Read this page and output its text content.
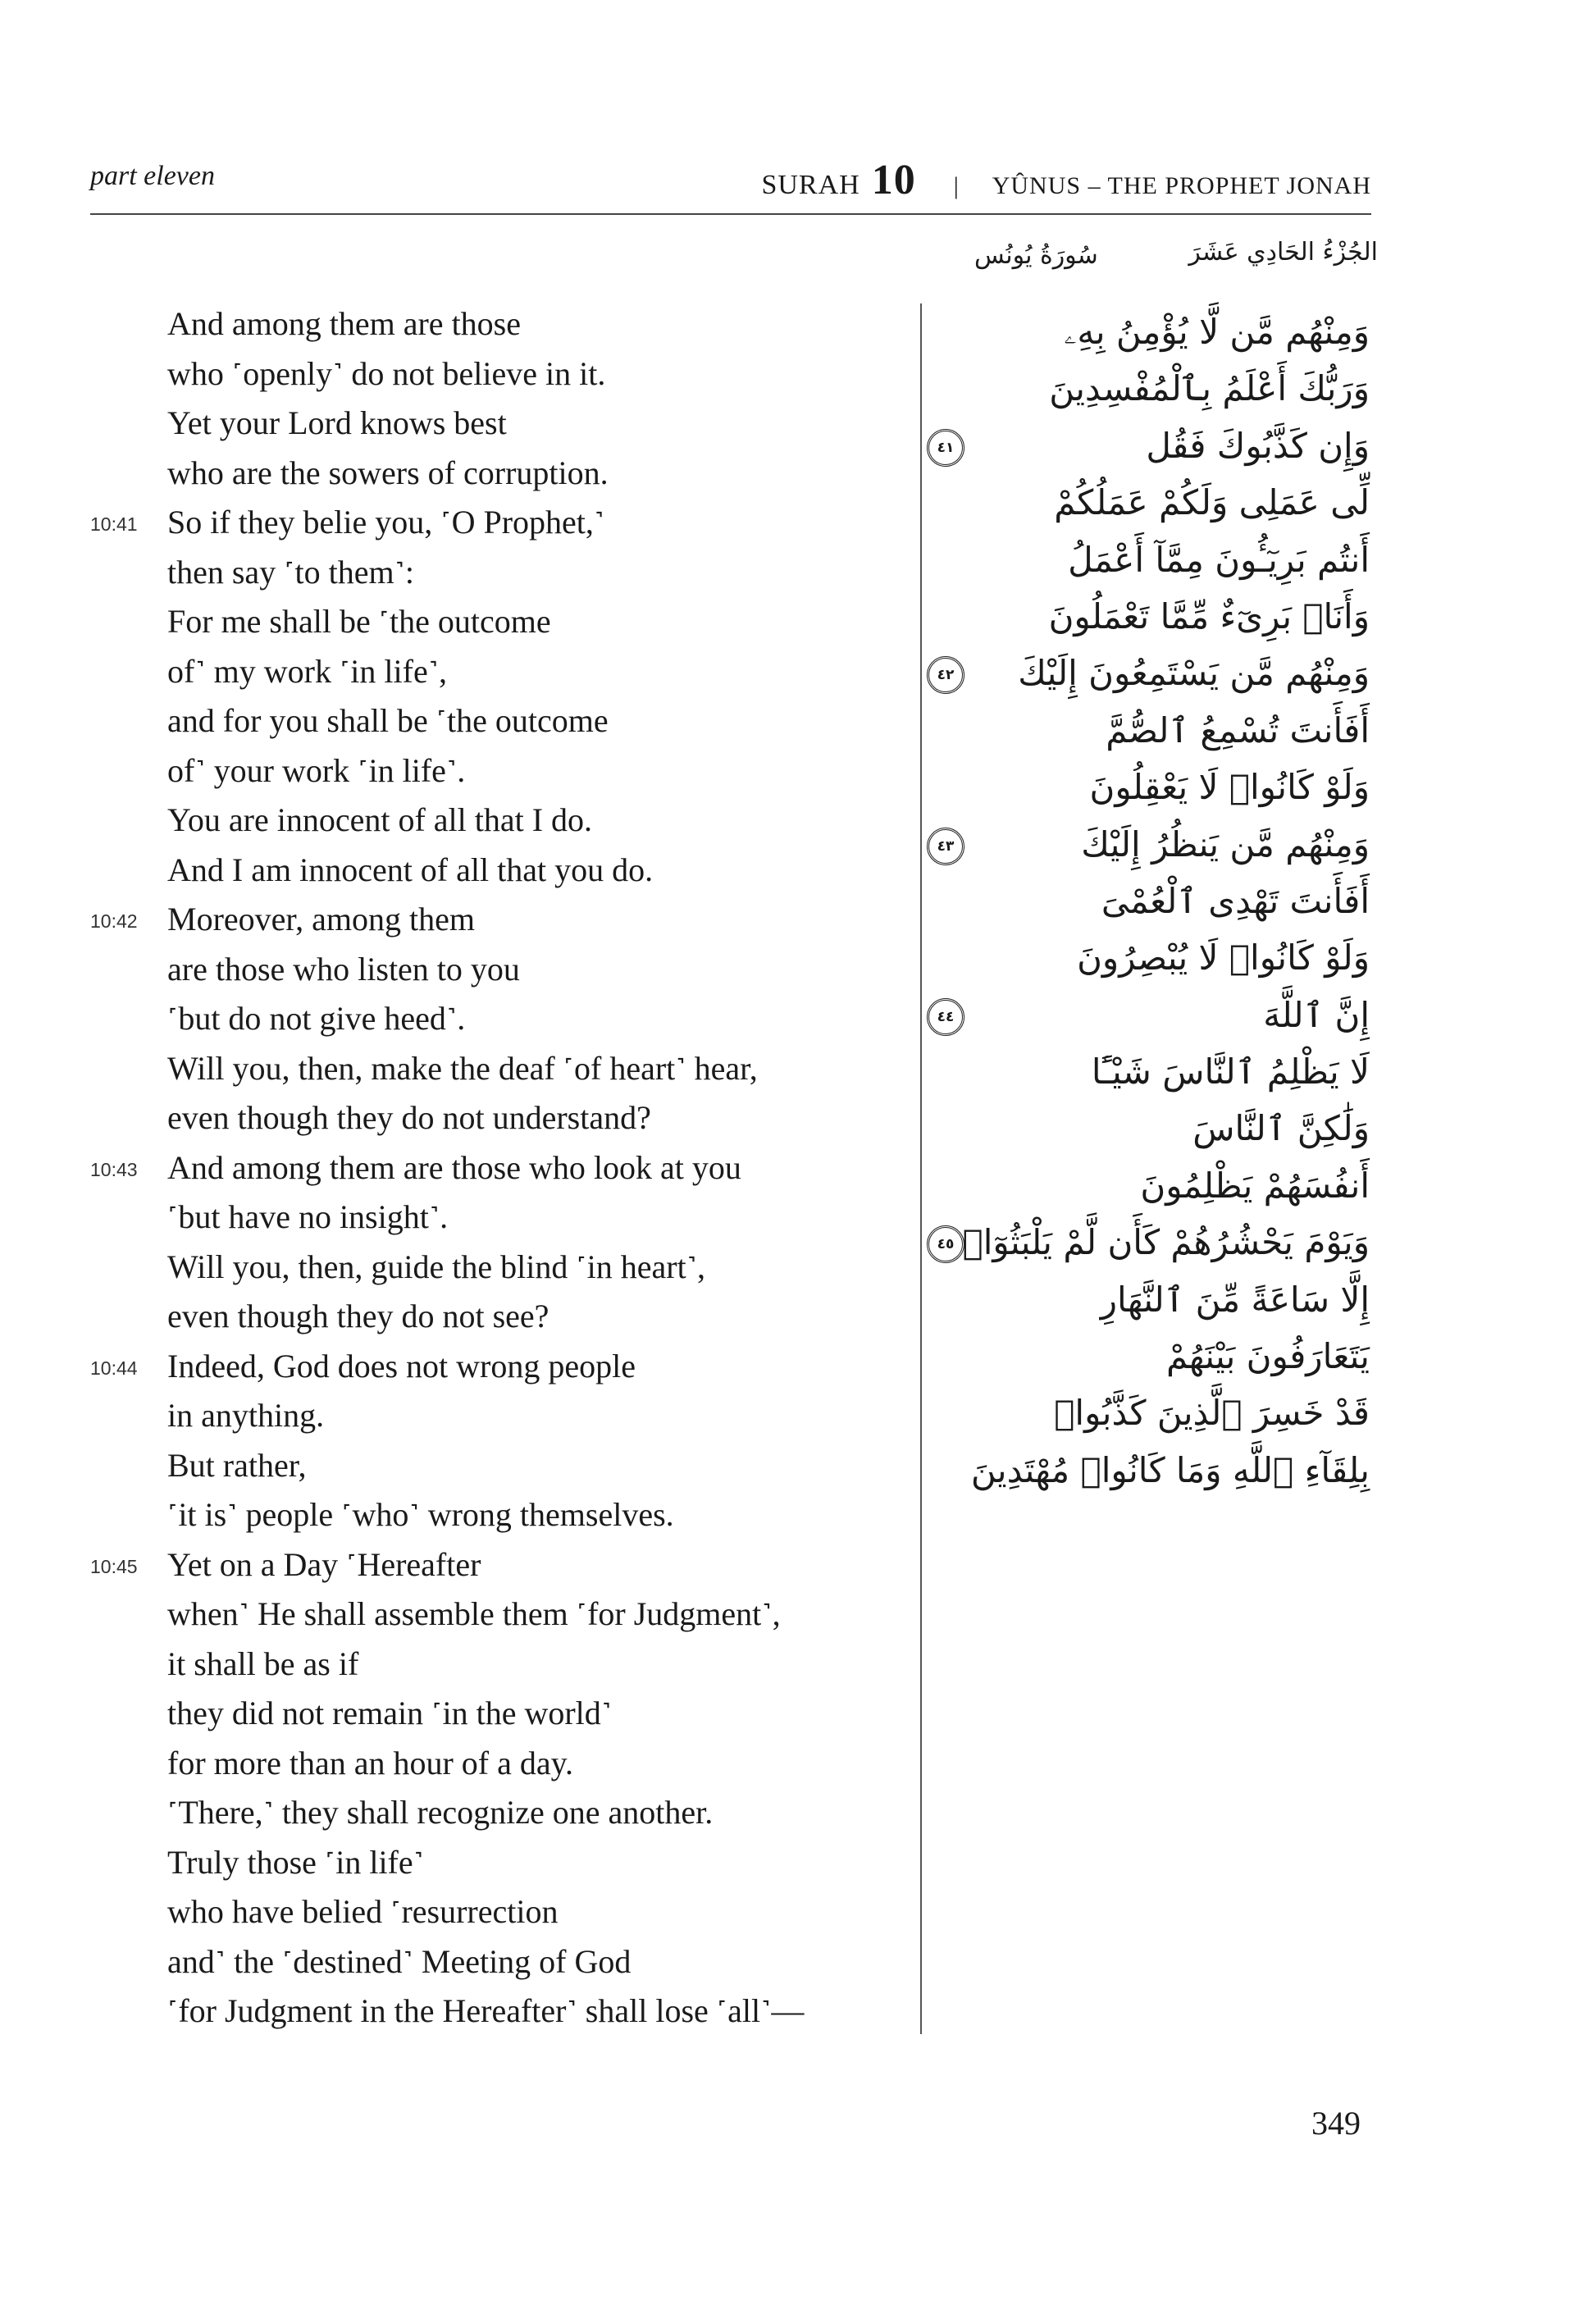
part eleven	SURAH 10 | YÛNUS – THE PROPHET JONAH
الجُزْءُ الحَادِي عَشَرَ
سُورَةُ يُونُس
And among them are those
who ˹openly˺ do not believe in it.
Yet your Lord knows best
who are the sowers of corruption.
10:41 So if they belie you, ˹O Prophet,˺
then say ˹to them˺:
For me shall be ˹the outcome
of˺ my work ˹in life˺,
and for you shall be ˹the outcome
of˺ your work ˹in life˺.
You are innocent of all that I do.
And I am innocent of all that you do.
10:42 Moreover, among them
are those who listen to you
˹but do not give heed˺.
Will you, then, make the deaf ˹of heart˺ hear,
even though they do not understand?
10:43 And among them are those who look at you
˹but have no insight˺.
Will you, then, guide the blind ˹in heart˺,
even though they do not see?
10:44 Indeed, God does not wrong people
in anything.
But rather,
˹it is˺ people ˹who˺ wrong themselves.
10:45 Yet on a Day ˹Hereafter
when˺ He shall assemble them ˹for Judgment˺,
it shall be as if
they did not remain ˹in the world˺
for more than an hour of a day.
˹There,˺ they shall recognize one another.
Truly those ˹in life˺
who have belied ˹resurrection
and˺ the ˹destined˺ Meeting of God
˹for Judgment in the Hereafter˺ shall lose ˹all˺—
وَمِنْهُم مَّن لَّا يُؤْمِنُ بِهِۦ
وَرَبُّكَ أَعْلَمُ بِٱلْمُفْسِدِينَ
٤١	وَإِن كَذَّبُوكَ فَقُل
لِّى عَمَلِى وَلَكُمْ عَمَلُكُمْ
أَنتُم بَرِيٓـُٔونَ مِمَّآ أَعْمَلُ
وَأَنَا۠ بَرِىٓءٌ مِّمَّا تَعْمَلُونَ
٤٢	وَمِنْهُم مَّن يَسْتَمِعُونَ إِلَيْكَ
أَفَأَنتَ تُسْمِعُ ٱلصُّمَّ
وَلَوْ كَانُوا۟ لَا يَعْقِلُونَ
٤٣	وَمِنْهُم مَّن يَنظُرُ إِلَيْكَ
أَفَأَنتَ تَهْدِى ٱلْعُمْىَ
وَلَوْ كَانُوا۟ لَا يُبْصِرُونَ
٤٤	إِنَّ ٱللَّهَ
لَا يَظْلِمُ ٱلنَّاسَ شَيْـًٔا
وَلَٰكِنَّ ٱلنَّاسَ
أَنفُسَهُمْ يَظْلِمُونَ
٤٥ وَيَوْمَ يَحْشُرُهُمْ كَأَن لَّمْ يَلْبَثُوٓا۟
إِلَّا سَاعَةً مِّنَ ٱلنَّهَارِ
يَتَعَارَفُونَ بَيْنَهُمْ
قَدْ خَسِرَ ٱلَّذِينَ كَذَّبُوا۟
بِلِقَآءِ ٱللَّهِ وَمَا كَانُوا۟ مُهْتَدِينَ
349
